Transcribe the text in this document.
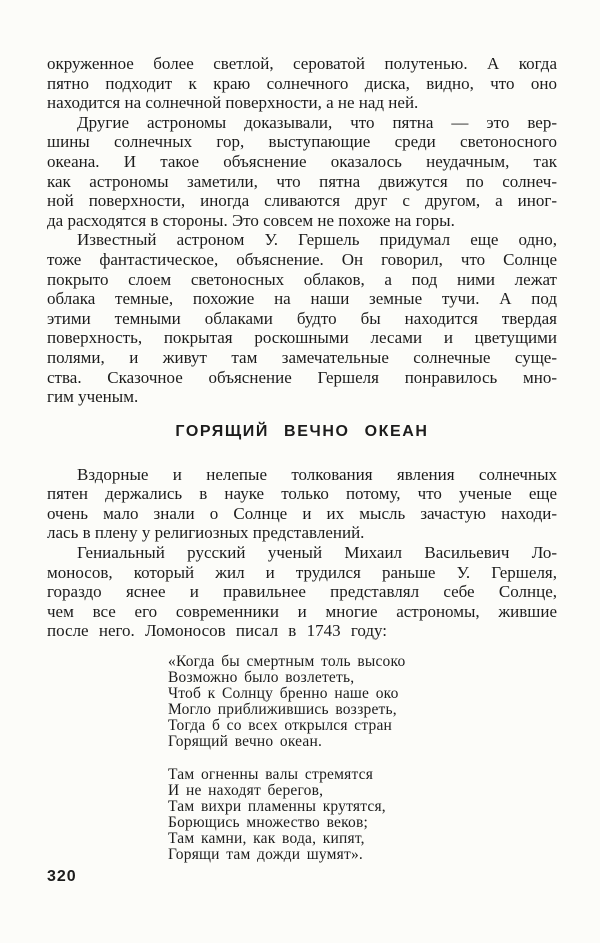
окруженное более светлой, сероватой полутенью. А когда
пятно подходит к краю солнечного диска, видно, что оно
находится на солнечной поверхности, а не над ней.
Другие астрономы доказывали, что пятна — это вер-
шины солнечных гор, выступающие среди светоносного
океана. И такое объяснение оказалось неудачным, так
как астрономы заметили, что пятна движутся по солнеч-
ной поверхности, иногда сливаются друг с другом, а иног-
да расходятся в стороны. Это совсем не похоже на горы.
Известный астроном У. Гершель придумал еще одно,
тоже фантастическое, объяснение. Он говорил, что Солнце
покрыто слоем светоносных облаков, а под ними лежат
облака темные, похожие на наши земные тучи. А под
этими темными облаками будто бы находится твердая
поверхность, покрытая роскошными лесами и цветущими
полями, и живут там замечательные солнечные суще-
ства. Сказочное объяснение Гершеля понравилось мно-
гим ученым.
ГОРЯЩИЙ ВЕЧНО ОКЕАН
Вздорные и нелепые толкования явления солнечных
пятен держались в науке только потому, что ученые еще
очень мало знали о Солнце и их мысль зачастую находи-
лась в плену у религиозных представлений.
Гениальный русский ученый Михаил Васильевич Ло-
моносов, который жил и трудился раньше У. Гершеля,
гораздо яснее и правильнее представлял себе Солнце,
чем все его современники и многие астрономы, жившие
после него. Ломоносов писал в 1743 году:
«Когда бы смертным толь высоко
Возможно было возлететь,
Чтоб к Солнцу бренно наше око
Могло приближившись воззреть,
Тогда б со всех открылся стран
Горящий вечно океан.
Там огненны валы стремятся
И не находят берегов,
Там вихри пламенны крутятся,
Борющись множество веков;
Там камни, как вода, кипят,
Горящи там дожди шумят».
320
